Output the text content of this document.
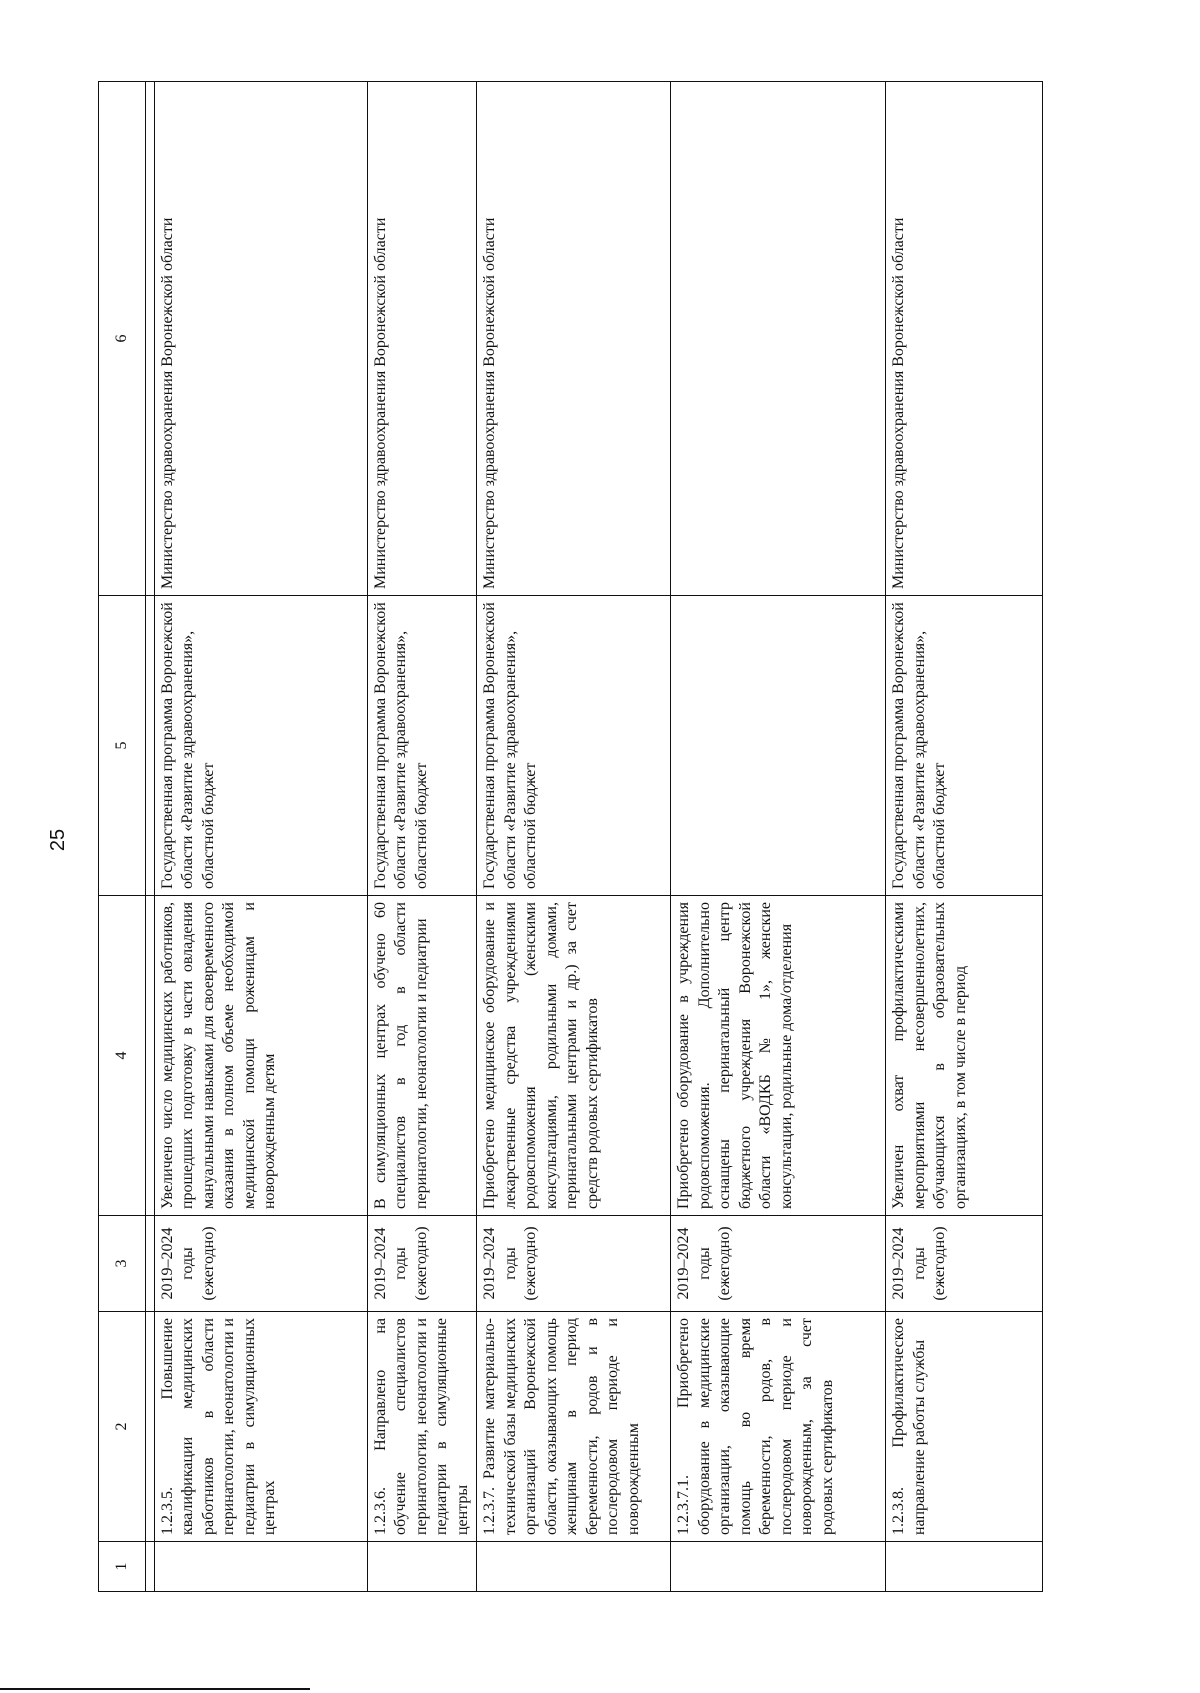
25
1	2	3	4	5	6

	1.2.3.5. Повышение квалификации медицинских работников в области перинатологии, неонатологии и педиатрии в симуляционных центрах	2019–2024 годы (ежегодно)	Увеличено число медицинских работников, прошедших подготовку в части овладения мануальными навыками для своевременного оказания в полном объеме необходимой медицинской помощи роженицам и новорожденным детям	Государственная программа Воронежской области «Развитие здравоохранения», областной бюджет	Министерство здравоохранения Воронежской области
	1.2.3.6. Направлено на обучение специалистов перинатологии, неонатологии и педиатрии в симуляционные центры	2019–2024 годы (ежегодно)	В симуляционных центрах обучено 60 специалистов в год в области перинатологии, неонатологии и педиатрии	Государственная программа Воронежской области «Развитие здравоохранения», областной бюджет	Министерство здравоохранения Воронежской области
	1.2.3.7. Развитие материально-технической базы медицинских организаций Воронежской области, оказывающих помощь женщинам в период беременности, родов и в послеродовом периоде и новорожденным	2019–2024 годы (ежегодно)	Приобретено медицинское оборудование и лекарственные средства учреждениями родовспоможения (женскими консультациями, родильными домами, перинатальными центрами и др.) за счет средств родовых сертификатов	Государственная программа Воронежской области «Развитие здравоохранения», областной бюджет	Министерство здравоохранения Воронежской области
	1.2.3.7.1. Приобретено оборудование в медицинские организации, оказывающие помощь во время беременности, родов, в послеродовом периоде и новорожденным, за счет родовых сертификатов	2019–2024 годы (ежегодно)	Приобретено оборудование в учреждения родовспоможения. Дополнительно оснащены перинатальный центр бюджетного учреждения Воронежской области «ВОДКБ № 1», женские консультации, родильные дома/отделения		
	1.2.3.8. Профилактическое направление работы службы	2019–2024 годы (ежегодно)	Увеличен охват профилактическими мероприятиями несовершеннолетних, обучающихся в образовательных организациях, в том числе в период	Государственная программа Воронежской области «Развитие здравоохранения», областной бюджет	Министерство здравоохранения Воронежской области
